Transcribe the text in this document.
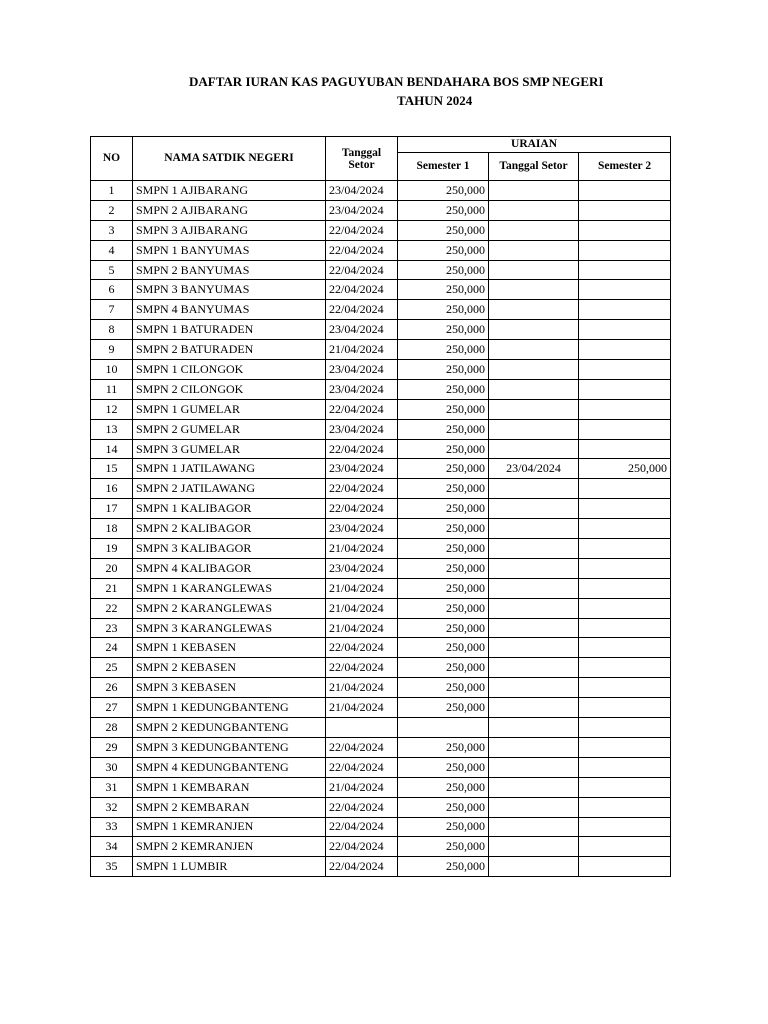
DAFTAR IURAN KAS PAGUYUBAN BENDAHARA BOS SMP NEGERI
TAHUN 2024
NO	NAMA SATDIK NEGERI	Tanggal Setor	URAIAN		
			Semester 1	Tanggal Setor	Semester 2
1	SMPN 1 AJIBARANG	23/04/2024	250,000		
2	SMPN 2 AJIBARANG	23/04/2024	250,000		
3	SMPN 3 AJIBARANG	22/04/2024	250,000		
4	SMPN 1 BANYUMAS	22/04/2024	250,000		
5	SMPN 2 BANYUMAS	22/04/2024	250,000		
6	SMPN 3 BANYUMAS	22/04/2024	250,000		
7	SMPN 4 BANYUMAS	22/04/2024	250,000		
8	SMPN 1 BATURADEN	23/04/2024	250,000		
9	SMPN 2 BATURADEN	21/04/2024	250,000		
10	SMPN 1 CILONGOK	23/04/2024	250,000		
11	SMPN 2 CILONGOK	23/04/2024	250,000		
12	SMPN 1 GUMELAR	22/04/2024	250,000		
13	SMPN 2 GUMELAR	23/04/2024	250,000		
14	SMPN 3 GUMELAR	22/04/2024	250,000		
15	SMPN 1 JATILAWANG	23/04/2024	250,000	23/04/2024	250,000
16	SMPN 2 JATILAWANG	22/04/2024	250,000		
17	SMPN 1 KALIBAGOR	22/04/2024	250,000		
18	SMPN 2 KALIBAGOR	23/04/2024	250,000		
19	SMPN 3 KALIBAGOR	21/04/2024	250,000		
20	SMPN 4 KALIBAGOR	23/04/2024	250,000		
21	SMPN 1 KARANGLEWAS	21/04/2024	250,000		
22	SMPN 2 KARANGLEWAS	21/04/2024	250,000		
23	SMPN 3 KARANGLEWAS	21/04/2024	250,000		
24	SMPN 1 KEBASEN	22/04/2024	250,000		
25	SMPN 2 KEBASEN	22/04/2024	250,000		
26	SMPN 3 KEBASEN	21/04/2024	250,000		
27	SMPN 1 KEDUNGBANTENG	21/04/2024	250,000		
28	SMPN 2 KEDUNGBANTENG				
29	SMPN 3 KEDUNGBANTENG	22/04/2024	250,000		
30	SMPN 4 KEDUNGBANTENG	22/04/2024	250,000		
31	SMPN 1 KEMBARAN	21/04/2024	250,000		
32	SMPN 2 KEMBARAN	22/04/2024	250,000		
33	SMPN 1 KEMRANJEN	22/04/2024	250,000		
34	SMPN 2 KEMRANJEN	22/04/2024	250,000		
35	SMPN 1 LUMBIR	22/04/2024	250,000		
